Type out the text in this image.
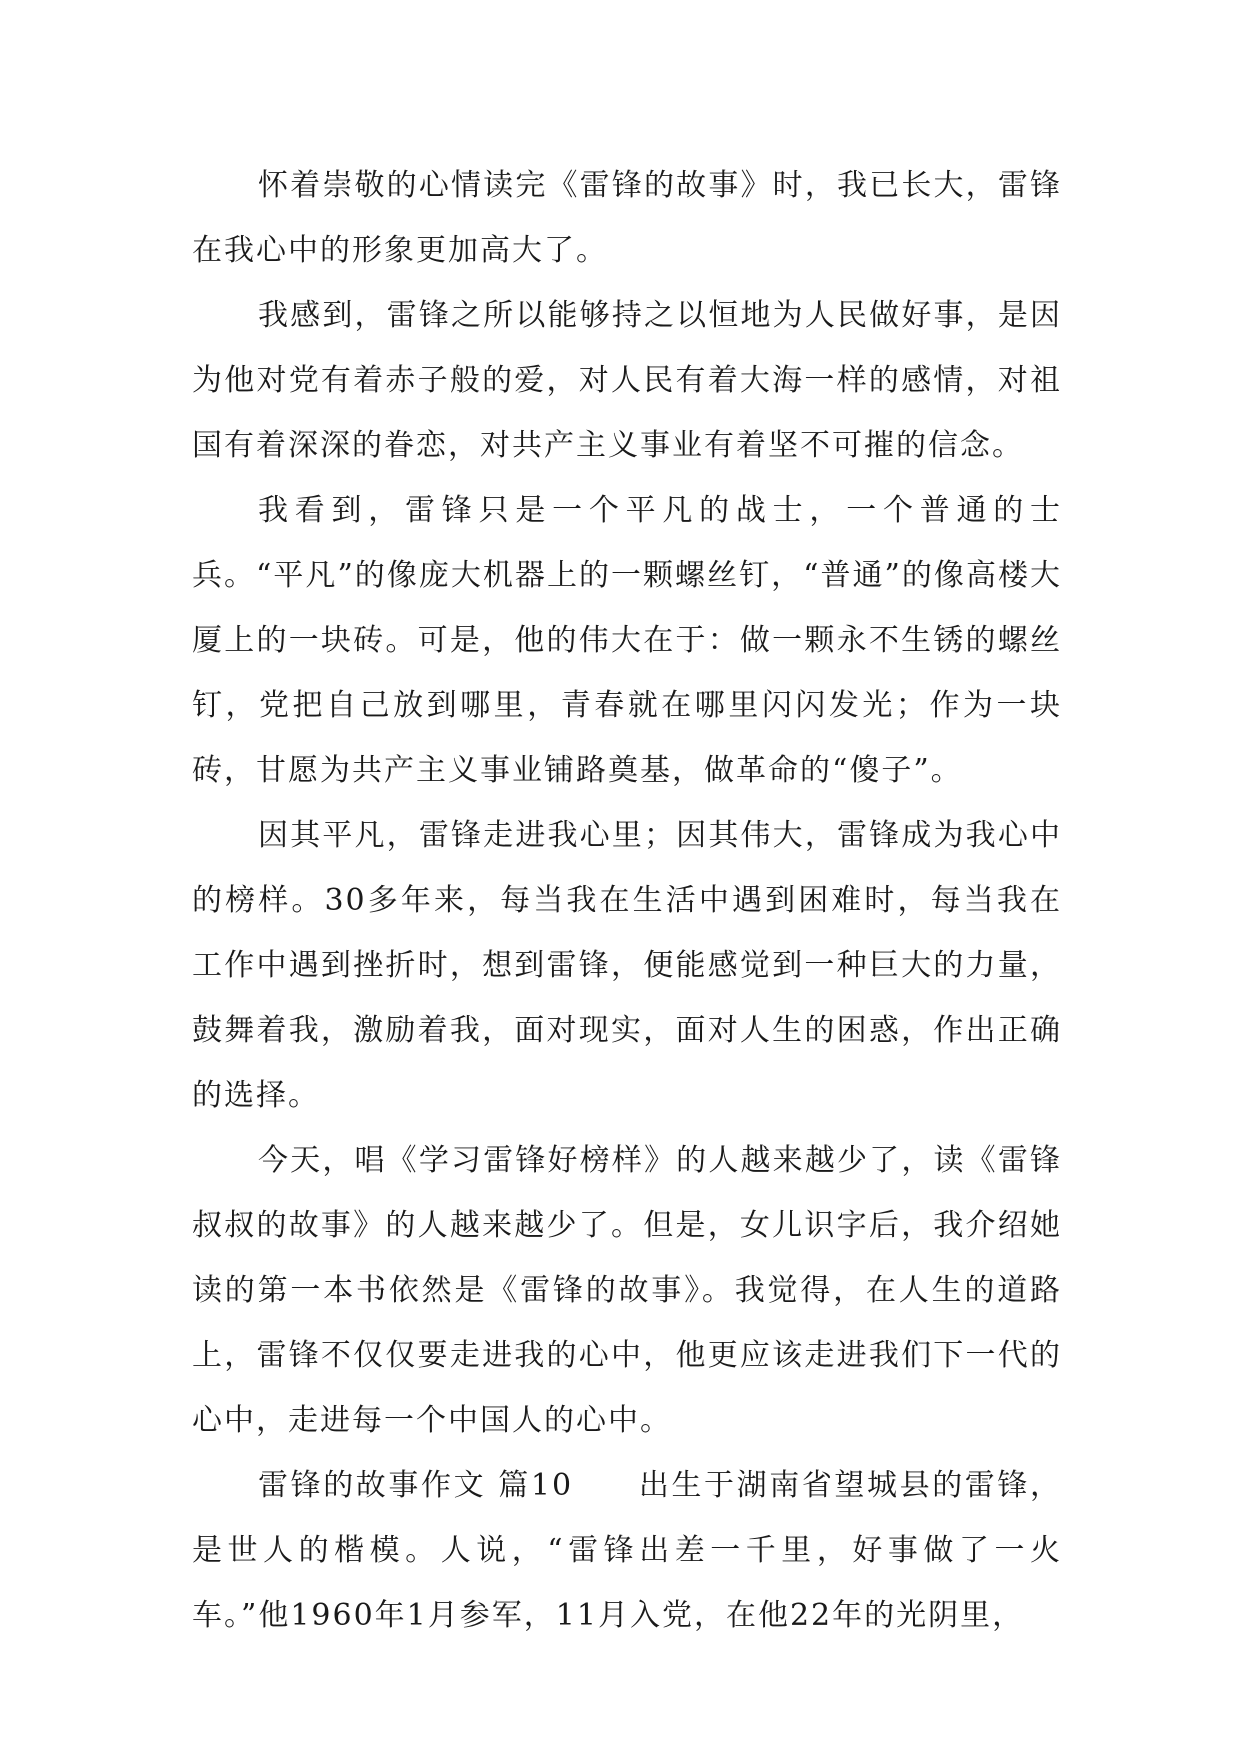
怀着崇敬的心情读完《雷锋的故事》时，我已长大，雷锋在我心中的形象更加高大了。

我感到，雷锋之所以能够持之以恒地为人民做好事，是因为他对党有着赤子般的爱，对人民有着大海一样的感情，对祖国有着深深的眷恋，对共产主义事业有着坚不可摧的信念。

我看到，雷锋只是一个平凡的战士，一个普通的士兵。“平凡”的像庞大机器上的一颗螺丝钉，“普通”的像高楼大厦上的一块砖。可是，他的伟大在于：做一颗永不生锈的螺丝钉，党把自己放到哪里，青春就在哪里闪闪发光；作为一块砖，甘愿为共产主义事业铺路奠基，做革命的“傻子”。

因其平凡，雷锋走进我心里；因其伟大，雷锋成为我心中的榜样。30多年来，每当我在生活中遇到困难时，每当我在工作中遇到挫折时，想到雷锋，便能感觉到一种巨大的力量，鼓舞着我，激励着我，面对现实，面对人生的困惑，作出正确的选择。

今天，唱《学习雷锋好榜样》的人越来越少了，读《雷锋叔叔的故事》的人越来越少了。但是，女儿识字后，我介绍她读的第一本书依然是《雷锋的故事》。我觉得，在人生的道路上，雷锋不仅仅要走进我的心中，他更应该走进我们下一代的心中，走进每一个中国人的心中。

雷锋的故事作文 篇10　　出生于湖南省望城县的雷锋，是世人的楷模。人说，“雷锋出差一千里，好事做了一火车。”他1960年1月参军，11月入党，在他22年的光阴里，
